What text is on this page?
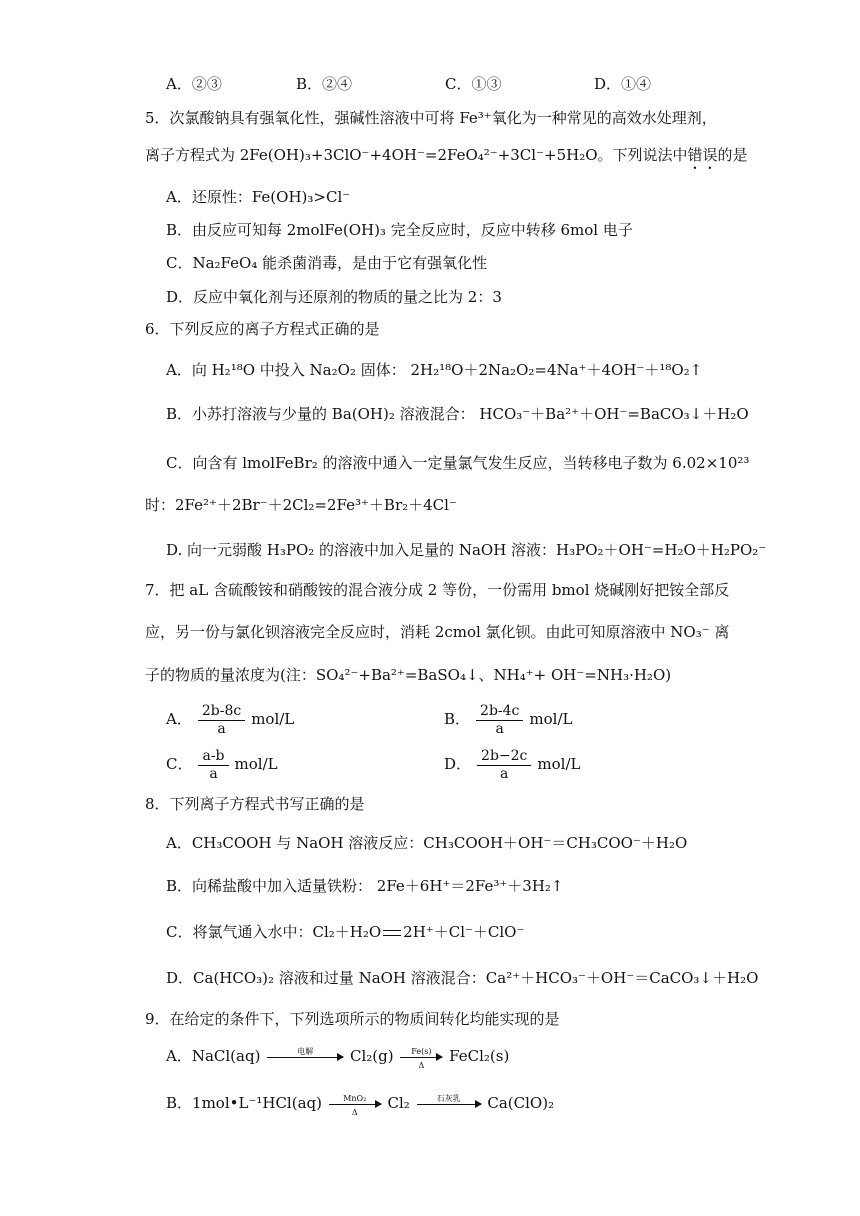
A．②③	B．②④	C．①③	D．①④
5．次氯酸钠具有强氧化性，强碱性溶液中可将 Fe³⁺氧化为一种常见的高效水处理剂，
离子方程式为 2Fe(OH)₃+3ClO⁻+4OH⁻=2FeO₄²⁻+3Cl⁻+5H₂O。下列说法中错误的是
A．还原性：Fe(OH)₃>Cl⁻
B．由反应可知每 2molFe(OH)₃ 完全反应时，反应中转移 6mol 电子
C．Na₂FeO₄ 能杀菌消毒，是由于它有强氧化性
D．反应中氧化剂与还原剂的物质的量之比为 2：3
6．下列反应的离子方程式正确的是
A．向 H₂¹⁸O 中投入 Na₂O₂ 固体： 2H₂¹⁸O＋2Na₂O₂=4Na⁺＋4OH⁻＋¹⁸O₂↑
B．小苏打溶液与少量的 Ba(OH)₂ 溶液混合： HCO₃⁻＋Ba²⁺＋OH⁻=BaCO₃↓＋H₂O
C．向含有 lmolFeBr₂ 的溶液中通入一定量氯气发生反应，当转移电子数为 6.02×10²³
时：2Fe²⁺＋2Br⁻＋2Cl₂=2Fe³⁺＋Br₂＋4Cl⁻
D. 向一元弱酸 H₃PO₂ 的溶液中加入足量的 NaOH 溶液：H₃PO₂＋OH⁻=H₂O＋H₂PO₂⁻
7．把 aL 含硫酸铵和硝酸铵的混合液分成 2 等份，一份需用 bmol 烧碱刚好把铵全部反
应，另一份与氯化钡溶液完全反应时，消耗 2cmol 氯化钡。由此可知原溶液中 NO₃⁻ 离
子的物质的量浓度为(注：SO₄²⁻+Ba²⁺=BaSO₄↓、NH₄⁺+ OH⁻=NH₃·H₂O)
A． $\frac{2b-8c}{a} mol/L$	B． $\frac{2b-4c}{a} mol/L$
C． $\frac{a-b}{a} mol/L$	D． $\frac{2b-2c}{a} mol/L$
8．下列离子方程式书写正确的是
A．CH₃COOH 与 NaOH 溶液反应：CH₃COOH＋OH⁻＝CH₃COO⁻＋H₂O
B．向稀盐酸中加入适量铁粉： 2Fe＋6H⁺＝2Fe³⁺＋3H₂↑
C．将氯气通入水中：Cl₂＋H₂O 2H⁺＋Cl⁻＋ClO⁻
D．Ca(HCO₃)₂ 溶液和过量 NaOH 溶液混合：Ca²⁺＋HCO₃⁻＋OH⁻＝CaCO₃↓＋H₂O
9．在给定的条件下，下列选项所示的物质间转化均能实现的是
A．NaCl(aq)	电解	$Cl_2(g) \frac{Fe(s)}{\Delta}$ FeCl₂(s)
B．1mol•L⁻¹HCl(aq)	MnO₂
Δ	Cl₂	石灰乳	Ca(ClO)₂
